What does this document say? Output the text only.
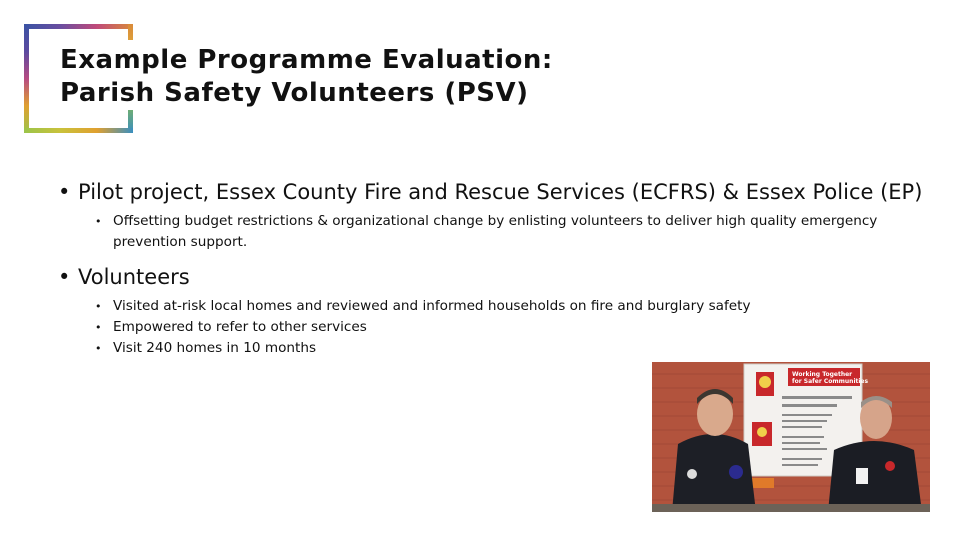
Example Programme Evaluation:
Parish Safety Volunteers (PSV)
• Pilot project, Essex County Fire and Rescue Services (ECFRS) & Essex Police (EP)
• Offsetting budget restrictions & organizational change by enlisting volunteers to deliver high quality emergency prevention support.
• Volunteers
• Visited at-risk local homes and reviewed and informed households on fire and burglary safety
• Empowered to refer to other services
• Visit 240 homes in 10 months
Working Together
for Safer Communities
